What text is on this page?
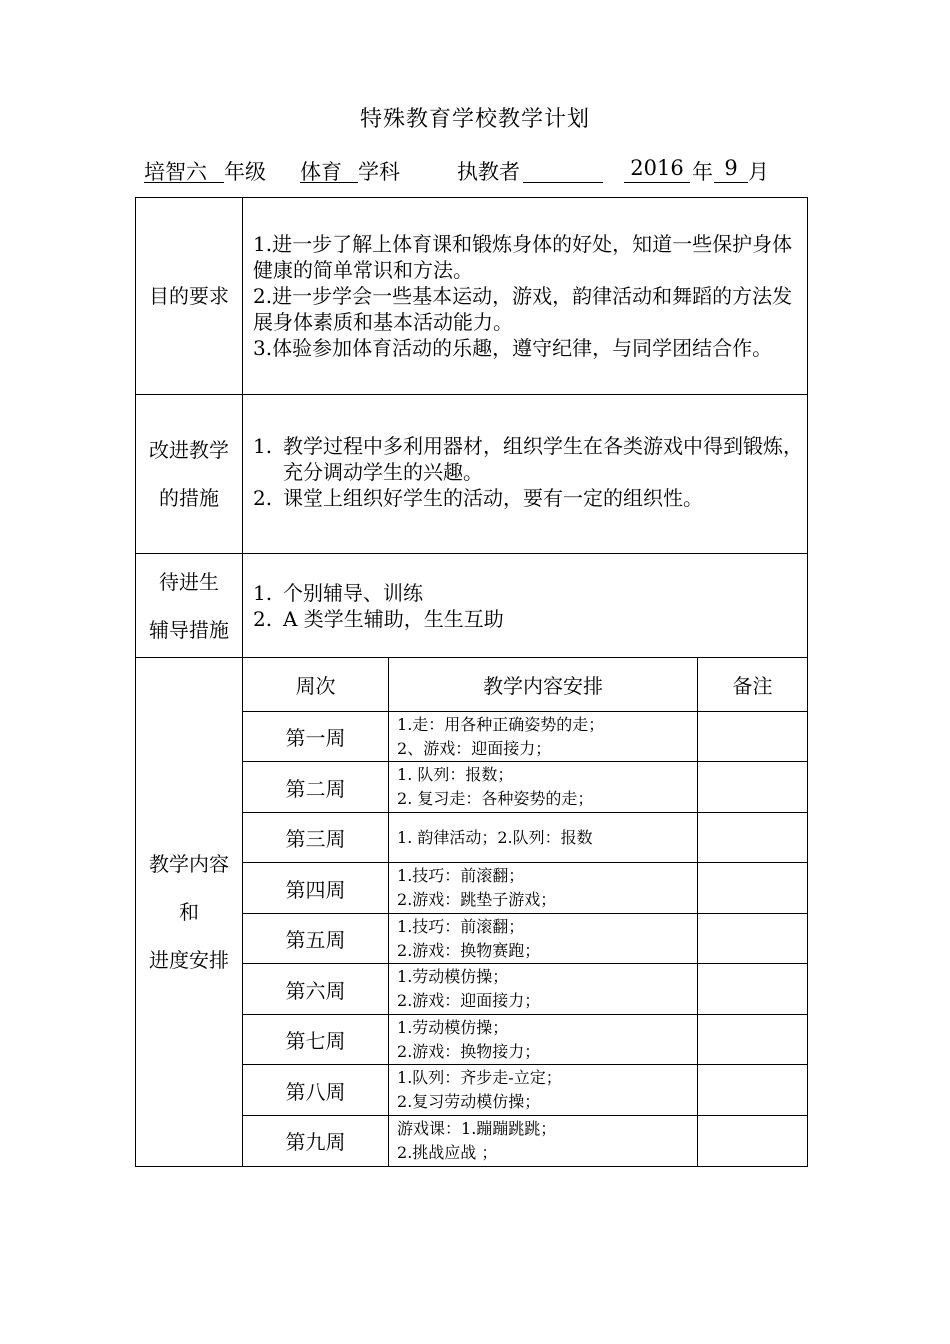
特殊教育学校教学计划
培智六 年级 体育 学科	执教者	2016 年 9 月
目的要求	
1.进一步了解上体育课和锻炼身体的好处，知道一些保护身体健康的简单常识和方法。
2.进一步学会一些基本运动，游戏，韵律活动和舞蹈的方法发展身体素质和基本活动能力。
3.体验参加体育活动的乐趣，遵守纪律，与同学团结合作。

改进教学
的措施

1. 教学过程中多利用器材，组织学生在各类游戏中得到锻炼，充分调动学生的兴趣。
2. 课堂上组织好学生的活动，要有一定的组织性。

待进生
辅导措施

1. 个别辅导、训练
2. A 类学生辅助，生生互助

教学内容
和
进度安排

周次	教学内容安排	备注
第一周	
1.走：用各种正确姿势的走；
2、游戏：迎面接力；

第二周	
1. 队列：报数；
2. 复习走：各种姿势的走；

第三周	1. 韵律活动；2.队列：报数

第四周	
1.技巧：前滚翻；
2.游戏：跳垫子游戏；

第五周	
1.技巧：前滚翻；
2.游戏：换物赛跑；

第六周	
1.劳动模仿操；
2.游戏：迎面接力；

第七周	
1.劳动模仿操；
2.游戏：换物接力；

第八周	
1.队列：齐步走-立定；
2.复习劳动模仿操；

第九周	
游戏课：1.蹦蹦跳跳；
2.挑战应战 ；
